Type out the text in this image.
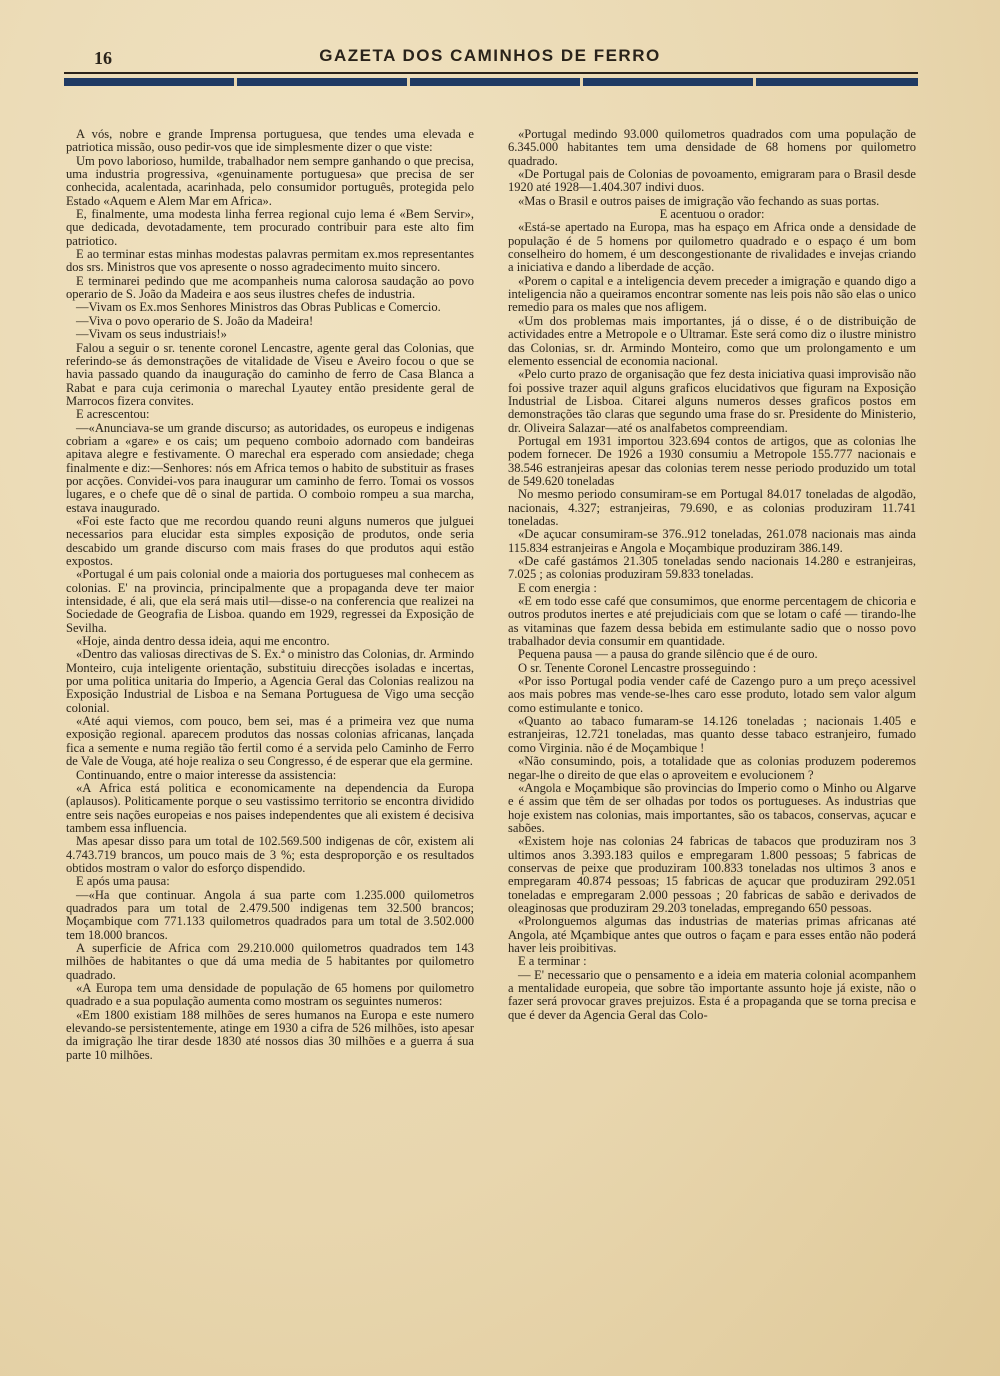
16	GAZETA DOS CAMINHOS DE FERRO

A vós, nobre e grande Imprensa portuguesa, que tendes uma elevada e patriotica missão, ouso pedir-vos que ide simplesmente dizer o que viste:

Um povo laborioso, humilde, trabalhador nem sempre ganhando o que precisa, uma industria progressiva, «genuinamente portuguesa» que precisa de ser conhecida, acalentada, acarinhada, pelo consumidor português, protegida pelo Estado «Aquem e Alem Mar em Africa».

E, finalmente, uma modesta linha ferrea regional cujo lema é «Bem Servir», que dedicada, devotadamente, tem procurado contribuir para este alto fim patriotico.

E ao terminar estas minhas modestas palavras permitam ex.mos representantes dos srs. Ministros que vos apresente o nosso agradecimento muito sincero.

E terminarei pedindo que me acompanheis numa calorosa saudação ao povo operario de S. João da Madeira e aos seus ilustres chefes de industria.

—Vivam os Ex.mos Senhores Ministros das Obras Publicas e Comercio.

—Viva o povo operario de S. João da Madeira!

—Vivam os seus industriais!»

Falou a seguir o sr. tenente coronel Lencastre, agente geral das Colonias, que referindo-se ás demonstrações de vitalidade de Viseu e Aveiro focou o que se havia passado quando da inauguração do caminho de ferro de Casa Blanca a Rabat e para cuja cerimonia o marechal Lyautey então presidente geral de Marrocos fizera convites.

E acrescentou:

—«Anunciava-se um grande discurso; as autoridades, os europeus e indigenas cobriam a «gare» e os cais; um pequeno comboio adornado com bandeiras apitava alegre e festivamente. O marechal era esperado com ansiedade; chega finalmente e diz:—Senhores: nós em Africa temos o habito de substituir as frases por acções. Convidei-vos para inaugurar um caminho de ferro. Tomai os vossos lugares, e o chefe que dê o sinal de partida. O comboio rompeu a sua marcha, estava inaugurado.

«Foi este facto que me recordou quando reuni alguns numeros que julguei necessarios para elucidar esta simples exposição de produtos, onde seria descabido um grande discurso com mais frases do que produtos aqui estão expostos.

«Portugal é um pais colonial onde a maioria dos portugueses mal conhecem as colonias. E' na provincia, principalmente que a propaganda deve ter maior intensidade, é ali, que ela será mais util—disse-o na conferencia que realizei na Sociedade de Geografia de Lisboa. quando em 1929, regressei da Exposição de Sevilha.

«Hoje, ainda dentro dessa ideia, aqui me encontro.

«Dentro das valiosas directivas de S. Ex.ª o ministro das Colonias, dr. Armindo Monteiro, cuja inteligente orientação, substituiu direcções isoladas e incertas, por uma politica unitaria do Imperio, a Agencia Geral das Colonias realizou na Exposição Industrial de Lisboa e na Semana Portuguesa de Vigo uma secção colonial.

«Até aqui viemos, com pouco, bem sei, mas é a primeira vez que numa exposição regional. aparecem produtos das nossas colonias africanas, lançada fica a semente e numa região tão fertil como é a servida pelo Caminho de Ferro de Vale de Vouga, até hoje realiza o seu Congresso, é de esperar que ela germine.

Continuando, entre o maior interesse da assistencia:

«A Africa está politica e economicamente na dependencia da Europa (aplausos). Politicamente porque o seu vastissimo territorio se encontra dividido entre seis nações europeias e nos paises independentes que ali existem é decisiva tambem essa influencia.

Mas apesar disso para um total de 102.569.500 indigenas de côr, existem ali 4.743.719 brancos, um pouco mais de 3 %; esta desproporção e os resultados obtidos mostram o valor do esforço dispendido.

E após uma pausa:

—«Ha que continuar. Angola á sua parte com 1.235.000 quilometros quadrados para um total de 2.479.500 indigenas tem 32.500 brancos; Moçambique com 771.133 quilometros quadrados para um total de 3.502.000 tem 18.000 brancos.

A superficie de Africa com 29.210.000 quilometros quadrados tem 143 milhões de habitantes o que dá uma media de 5 habitantes por quilometro quadrado.

«A Europa tem uma densidade de população de 65 homens por quilometro quadrado e a sua população aumenta como mostram os seguintes numeros:

«Em 1800 existiam 188 milhões de seres humanos na Europa e este numero elevando-se persistentemente, atinge em 1930 a cifra de 526 milhões, isto apesar da imigração lhe tirar desde 1830 até nossos dias 30 milhões e a guerra á sua parte 10 milhões.

«Portugal medindo 93.000 quilometros quadrados com uma população de 6.345.000 habitantes tem uma densidade de 68 homens por quilometro quadrado.

«De Portugal pais de Colonias de povoamento, emigraram para o Brasil desde 1920 até 1928—1.404.307 indivi duos.

«Mas o Brasil e outros paises de imigração vão fechando as suas portas.

E acentuou o orador:

«Está-se apertado na Europa, mas ha espaço em Africa onde a densidade de população é de 5 homens por quilometro quadrado e o espaço é um bom conselheiro do homem, é um descongestionante de rivalidades e invejas criando a iniciativa e dando a liberdade de acção.

«Porem o capital e a inteligencia devem preceder a imigração e quando digo a inteligencia não a queiramos encontrar somente nas leis pois não são elas o unico remedio para os males que nos afligem.

«Um dos problemas mais importantes, já o disse, é o de distribuição de actividades entre a Metropole e o Ultramar. Este será como diz o ilustre ministro das Colonias, sr. dr. Armindo Monteiro, como que um prolongamento e um elemento essencial de economia nacional.

«Pelo curto prazo de organisação que fez desta iniciativa quasi improvisão não foi possive trazer aquil alguns graficos elucidativos que figuram na Exposição Industrial de Lisboa. Citarei alguns numeros desses graficos postos em demonstrações tão claras que segundo uma frase do sr. Presidente do Ministerio, dr. Oliveira Salazar—até os analfabetos compreendiam.

Portugal em 1931 importou 323.694 contos de artigos, que as colonias lhe podem fornecer. De 1926 a 1930 consumiu a Metropole 155.777 nacionais e 38.546 estranjeiras apesar das colonias terem nesse periodo produzido um total de 549.620 toneladas

No mesmo periodo consumiram-se em Portugal 84.017 toneladas de algodão, nacionais, 4.327; estranjeiras, 79.690, e as colonias produziram 11.741 toneladas.

«De açucar consumiram-se 376..912 toneladas, 261.078 nacionais mas ainda 115.834 estranjeiras e Angola e Moçambique produziram 386.149.

«De café gastámos 21.305 toneladas sendo nacionais 14.280 e estranjeiras, 7.025 ; as colonias produziram 59.833 toneladas.

E com energia :

«E em todo esse café que consumimos, que enorme percentagem de chicoria e outros produtos inertes e até prejudiciais com que se lotam o café — tirando-lhe as vitaminas que fazem dessa bebida em estimulante sadio que o nosso povo trabalhador devia consumir em quantidade.

Pequena pausa — a pausa do grande silêncio que é de ouro.

O sr. Tenente Coronel Lencastre prosseguindo :

«Por isso Portugal podia vender café de Cazengo puro a um preço acessivel aos mais pobres mas vende-se-lhes caro esse produto, lotado sem valor algum como estimulante e tonico.

«Quanto ao tabaco fumaram-se 14.126 toneladas ; nacionais 1.405 e estranjeiras, 12.721 toneladas, mas quanto desse tabaco estranjeiro, fumado como Virginia. não é de Moçambique !

«Não consumindo, pois, a totalidade que as colonias produzem poderemos negar-lhe o direito de que elas o aproveitem e evolucionem ?

«Angola e Moçambique são provincias do Imperio como o Minho ou Algarve e é assim que têm de ser olhadas por todos os portugueses. As industrias que hoje existem nas colonias, mais importantes, são os tabacos, conservas, açucar e sabões.

«Existem hoje nas colonias 24 fabricas de tabacos que produziram nos 3 ultimos anos 3.393.183 quilos e empregaram 1.800 pessoas; 5 fabricas de conservas de peixe que produziram 100.833 toneladas nos ultimos 3 anos e empregaram 40.874 pessoas; 15 fabricas de açucar que produziram 292.051 toneladas e empregaram 2.000 pessoas ; 20 fabricas de sabão e derivados de oleaginosas que produziram 29.203 toneladas, empregando 650 pessoas.

«Prolonguemos algumas das industrias de materias primas africanas até Angola, até Mçambique antes que outros o façam e para esses então não poderá haver leis proibitivas.

E a terminar :

— E' necessario que o pensamento e a ideia em materia colonial acompanhem a mentalidade europeia, que sobre tão importante assunto hoje já existe, não o fazer será provocar graves prejuizos. Esta é a propaganda que se torna precisa e que é dever da Agencia Geral das Colo-
